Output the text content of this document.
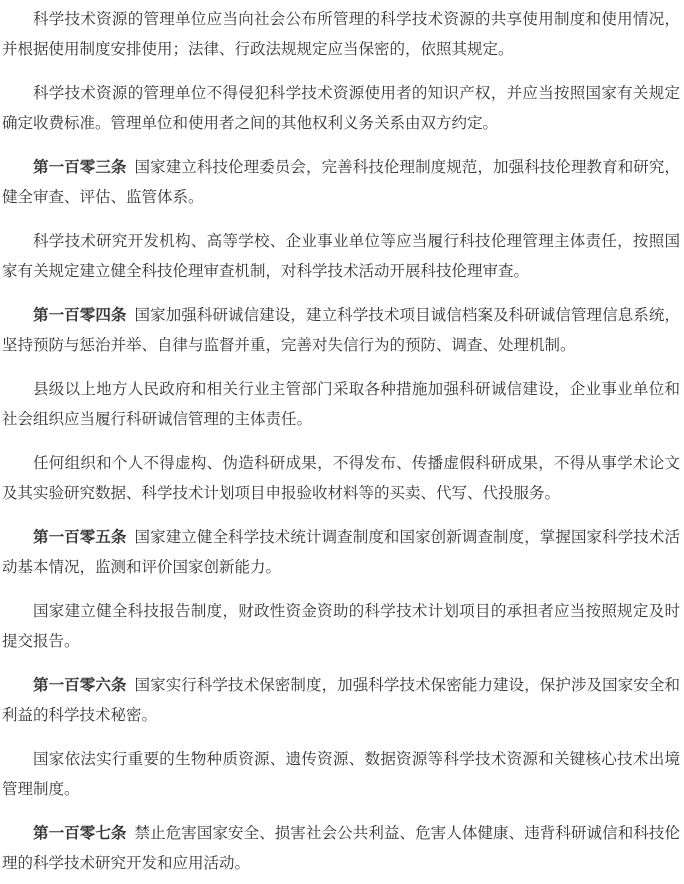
科学技术资源的管理单位应当向社会公布所管理的科学技术资源的共享使用制度和使用情况，并根据使用制度安排使用；法律、行政法规规定应当保密的，依照其规定。

科学技术资源的管理单位不得侵犯科学技术资源使用者的知识产权，并应当按照国家有关规定确定收费标准。管理单位和使用者之间的其他权利义务关系由双方约定。

第一百零三条 国家建立科技伦理委员会，完善科技伦理制度规范，加强科技伦理教育和研究，健全审查、评估、监管体系。

科学技术研究开发机构、高等学校、企业事业单位等应当履行科技伦理管理主体责任，按照国家有关规定建立健全科技伦理审查机制，对科学技术活动开展科技伦理审查。

第一百零四条 国家加强科研诚信建设，建立科学技术项目诚信档案及科研诚信管理信息系统，坚持预防与惩治并举、自律与监督并重，完善对失信行为的预防、调查、处理机制。

县级以上地方人民政府和相关行业主管部门采取各种措施加强科研诚信建设，企业事业单位和社会组织应当履行科研诚信管理的主体责任。

任何组织和个人不得虚构、伪造科研成果，不得发布、传播虚假科研成果，不得从事学术论文及其实验研究数据、科学技术计划项目申报验收材料等的买卖、代写、代投服务。

第一百零五条 国家建立健全科学技术统计调查制度和国家创新调查制度，掌握国家科学技术活动基本情况，监测和评价国家创新能力。

国家建立健全科技报告制度，财政性资金资助的科学技术计划项目的承担者应当按照规定及时提交报告。

第一百零六条 国家实行科学技术保密制度，加强科学技术保密能力建设，保护涉及国家安全和利益的科学技术秘密。

国家依法实行重要的生物种质资源、遗传资源、数据资源等科学技术资源和关键核心技术出境管理制度。

第一百零七条 禁止危害国家安全、损害社会公共利益、危害人体健康、违背科研诚信和科技伦理的科学技术研究开发和应用活动。
